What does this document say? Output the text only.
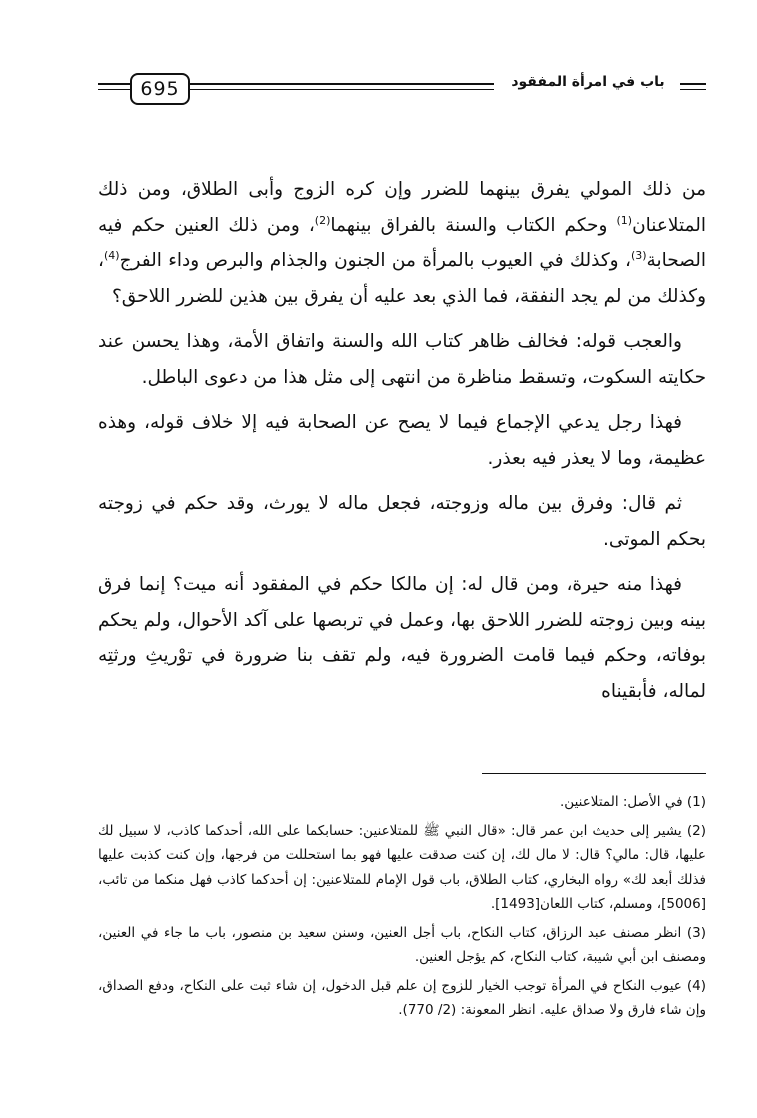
695	باب في امرأة المفقود

من ذلك المولي يفرق بينهما للضرر وإن كره الزوج وأبى الطلاق، ومن ذلك المتلاعنان$^{(1)}$ وحكم الكتاب والسنة بالفراق بينهما$^{(2)}$، ومن ذلك العنين حكم فيه الصحابة$^{(3)}$، وكذلك في العيوب بالمرأة من الجنون والجذام والبرص وداء الفرج$^{(4)}$، وكذلك من لم يجد النفقة، فما الذي بعد عليه أن يفرق بين هذين للضرر اللاحق؟

والعجب قوله: فخالف ظاهر كتاب الله والسنة واتفاق الأمة، وهذا يحسن عند حكايته السكوت، وتسقط مناظرة من انتهى إلى مثل هذا من دعوى الباطل.

فهذا رجل يدعي الإجماع فيما لا يصح عن الصحابة فيه إلا خلاف قوله، وهذه عظيمة، وما لا يعذر فيه بعذر.

ثم قال: وفرق بين ماله وزوجته، فجعل ماله لا يورث، وقد حكم في زوجته بحكم الموتى.

فهذا منه حيرة، ومن قال له: إن مالكا حكم في المفقود أنه ميت؟ إنما فرق بينه وبين زوجته للضرر اللاحق بها، وعمل في تربصها على آكد الأحوال، ولم يحكم بوفاته، وحكم فيما قامت الضرورة فيه، ولم تقف بنا ضرورة في توْريثِ ورثتِه لماله، فأبقيناه

(1) في الأصل: المتلاعنين.

(2) يشير إلى حديث ابن عمر قال: «قال النبي ﷺ للمتلاعنين: حسابكما على الله، أحدكما كاذب، لا سبيل لك عليها، قال: مالي؟ قال: لا مال لك، إن كنت صدقت عليها فهو بما استحللت من فرجها، وإن كنت كذبت عليها فذلك أبعد لك» رواه البخاري، كتاب الطلاق، باب قول الإمام للمتلاعنين: إن أحدكما كاذب فهل منكما من تائب، [5006]، ومسلم، كتاب اللعان[1493].

(3) انظر مصنف عبد الرزاق، كتاب النكاح، باب أجل العنين، وسنن سعيد بن منصور، باب ما جاء في العنين، ومصنف ابن أبي شيبة، كتاب النكاح، كم يؤجل العنين.

(4) عيوب النكاح في المرأة توجب الخيار للزوج إن علم قبل الدخول، إن شاء ثبت على النكاح، ودفع الصداق، وإن شاء فارق ولا صداق عليه. انظر المعونة: (2/ 770).
